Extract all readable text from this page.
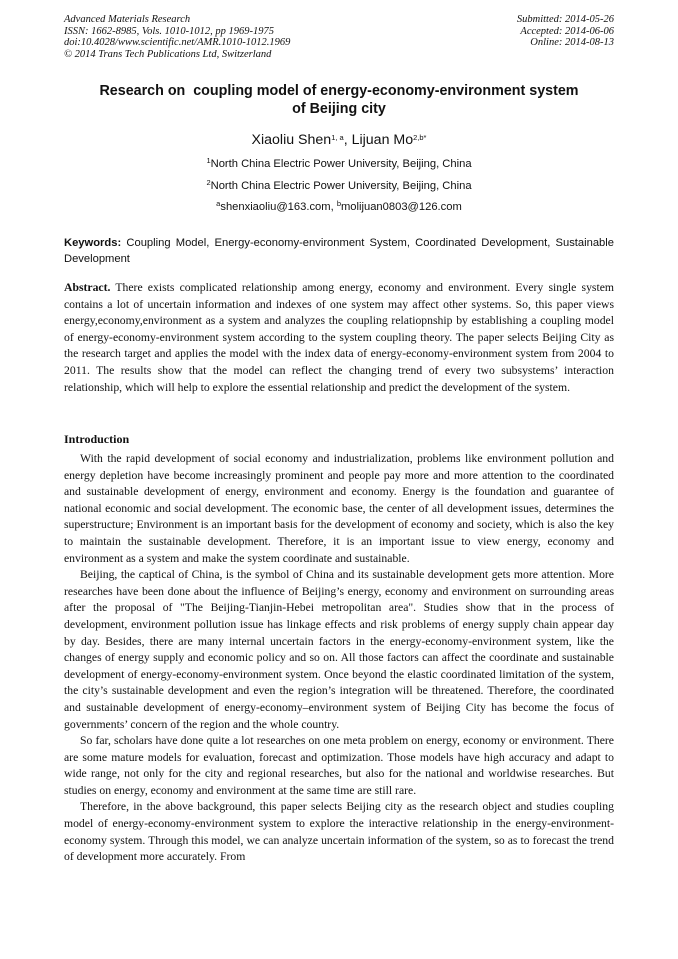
Advanced Materials Research
ISSN: 1662-8985, Vols. 1010-1012, pp 1969-1975
doi:10.4028/www.scientific.net/AMR.1010-1012.1969
© 2014 Trans Tech Publications Ltd, Switzerland
Submitted: 2014-05-26
Accepted: 2014-06-06
Online: 2014-08-13
Research on  coupling model of energy-economy-environment system
of Beijing city
Xiaoliu Shen$^{1, a}$, Lijuan $Mo^{2,b*}$
$^1$North China Electric Power University, Beijing, China
$^2$North China Electric Power University, Beijing, China
$^a$shenxiaoliu@163.com, $^b$molijuan0803@126.com
Keywords: Coupling Model, Energy-economy-environment System, Coordinated Development, Sustainable Development
Abstract. There exists complicated relationship among energy, economy and environment. Every single system contains a lot of uncertain information and indexes of one system may affect other systems. So, this paper views energy,economy,environment as a system and analyzes the coupling relatiopnship by establishing a coupling model of energy-economy-environment system according to the system coupling theory. The paper selects Beijing City as the research target and applies the model with the index data of energy-economy-environment system from 2004 to 2011. The results show that the model can reflect the changing trend of every two subsystems’ interaction relationship, which will help to explore the essential relationship and predict the development of the system.
Introduction

With the rapid development of social economy and industrialization, problems like environment pollution and energy depletion have become increasingly prominent and people pay more and more attention to the coordinated and sustainable development of energy, environment and economy. Energy is the foundation and guarantee of national economic and social development. The economic base, the center of all development issues, determines the superstructure; Environment is an important basis for the development of economy and society, which is also the key to maintain the sustainable development. Therefore, it is an important issue to view energy, economy and environment as a system and make the system coordinate and sustainable.

Beijing, the captical of China, is the symbol of China and its sustainable development gets more attention. More researches have been done about the influence of Beijing’s energy, economy and environment on surrounding areas after the proposal of "The Beijing-Tianjin-Hebei metropolitan area". Studies show that in the process of development, environment pollution issue has linkage effects and risk problems of energy supply chain appear day by day. Besides, there are many internal uncertain factors in the energy-economy-environment system, like the changes of energy supply and economic policy and so on. All those factors can affect the coordinate and sustainable development of energy-economy-environment system. Once beyond the elastic coordinated limitation of the system, the city’s sustainable development and even the region’s integration will be threatened. Therefore, the coordinated and sustainable development of energy-economy–environment system of Beijing City has become the focus of governments’ concern of the region and the whole country.

So far, scholars have done quite a lot researches on one meta problem on energy, economy or environment. There are some mature models for evaluation, forecast and optimization. Those models have high accuracy and adapt to wide range, not only for the city and regional researches, but also for the national and worldwise researches. But studies on energy, economy and environment at the same time are still rare.

Therefore, in the above background, this paper selects Beijing city as the research object and studies coupling model of energy-economy-environment system to explore the interactive relationship in the energy-environment-economy system. Through this model, we can analyze uncertain information of the system, so as to forecast the trend of development more accurately. From
